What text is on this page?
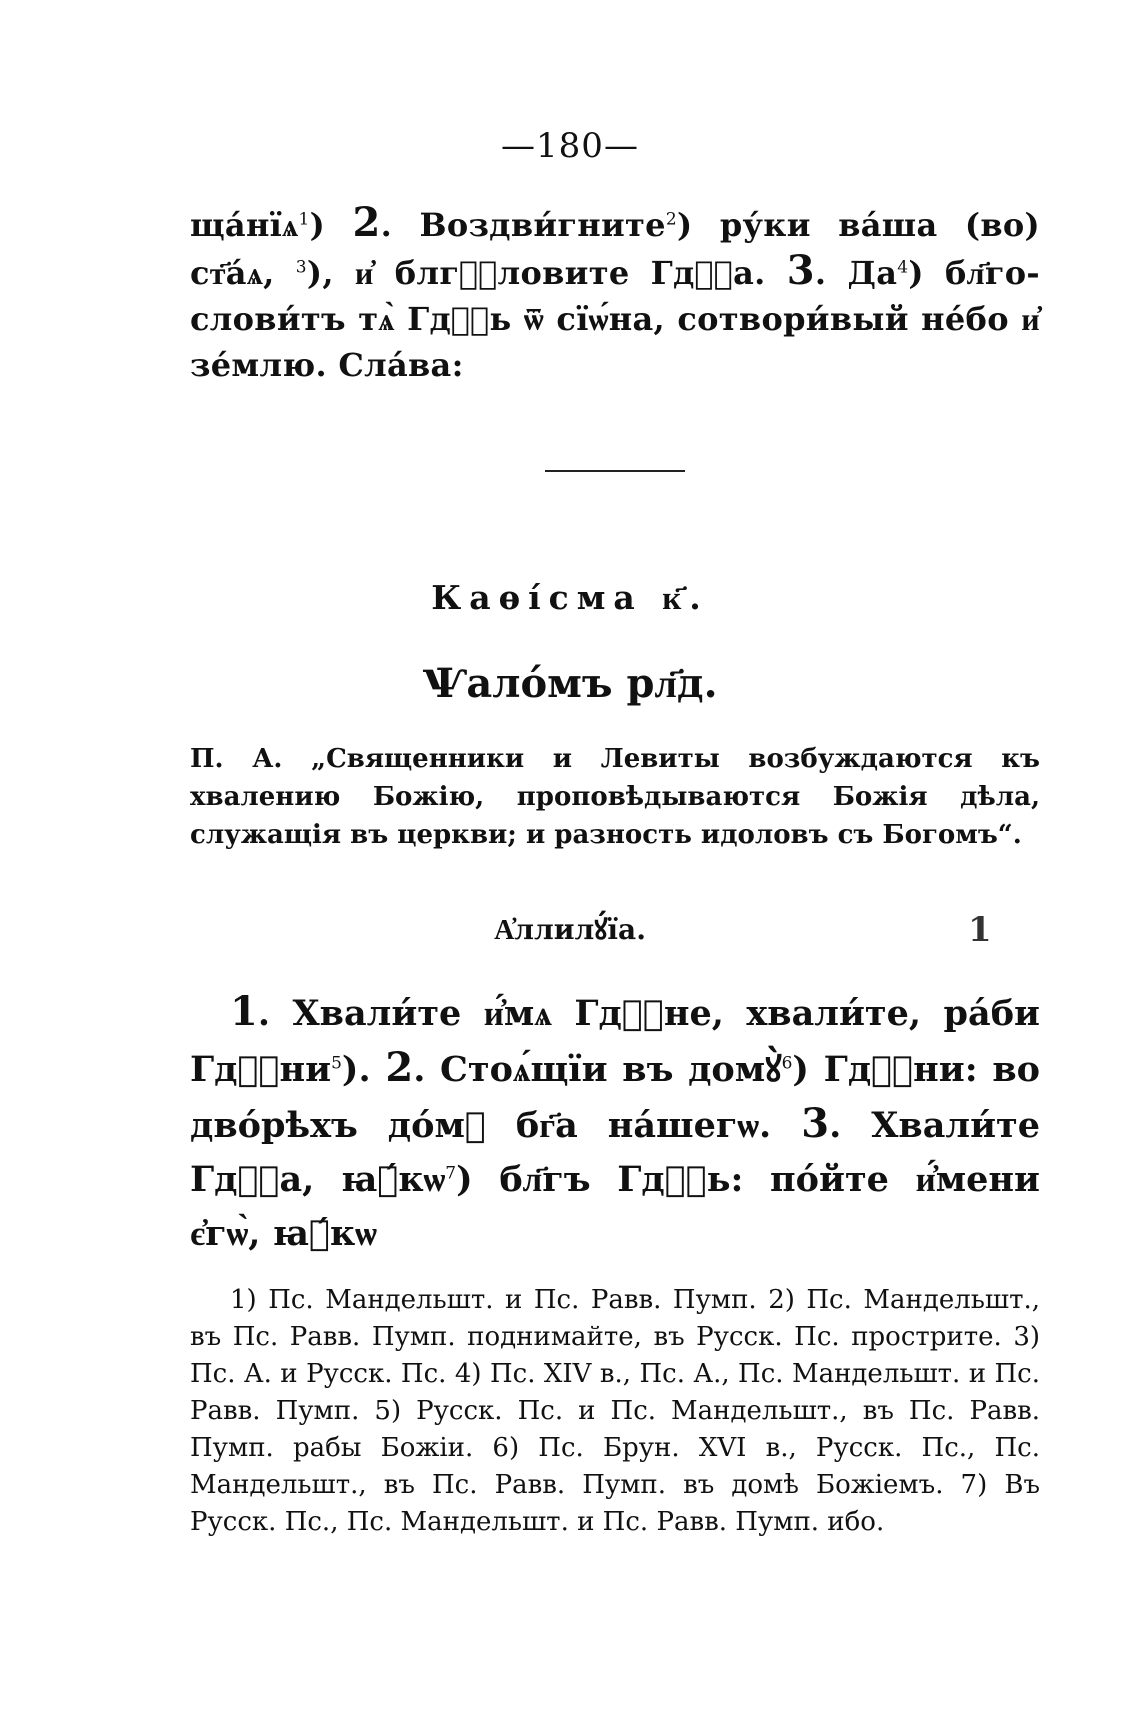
—180—

ща́нїѧ$^1$) 2. Воздви́гните$^2$) ру́ки ва́ша (во) ст҃а́ѧ, $^3$), и҆ блгⷭ҇ловите Гдⷭ҇а. 3. $Да^4$) бл҃го-слови́тъ тѧ̀ Гдⷭ҇ь ѿ сїѡ́на, сотвори́вый не́бо и҆ зе́млю. Сла́ва:

Каѳі́сма к҃.
Ѱало́мъ рл҃д.
П. А. „Священники и Левиты возбуждаются къ хвалению Божію, проповѣдываются Божія дѣла, служащія въ церкви; и разность идоловъ съ Богомъ“.
А҆ллилꙋ́їа.	1

1. Хвали́те и҆́мѧ Гдⷭ҇не, хвали́те, ра́би $Гдⷭ҇ни^5$). 2. Стоѧ́щїи въ домꙋ̀$^6$) Гдⷭ҇ни: во дво́рѣхъ до́мꙋ бг҃а на́шегѡ. 3. Хвали́те Гдⷭ҇а, $ꙗ҆́кѡ^7$) бл҃гъ Гдⷭ҇ь: по́йте и҆́мени є҆гѡ̀, ꙗ҆́кѡ

1) Пс. Мандельшт. и Пс. Равв. Пумп. 2) Пс. Мандельшт., въ Пс. Равв. Пумп. поднимайте, въ Русск. Пс. прострите. 3) Пс. А. и Русск. Пс. 4) Пс. XIV в., Пс. А., Пс. Мандельшт. и Пс. Равв. Пумп. 5) Русск. Пс. и Пс. Мандельшт., въ Пс. Равв. Пумп. рабы Божіи. 6) Пс. Брун. XVI в., Русск. Пс., Пс. Мандельшт., въ Пс. Равв. Пумп. въ домѣ Божіемъ. 7) Въ Русск. Пс., Пс. Мандельшт. и Пс. Равв. Пумп. ибо.
